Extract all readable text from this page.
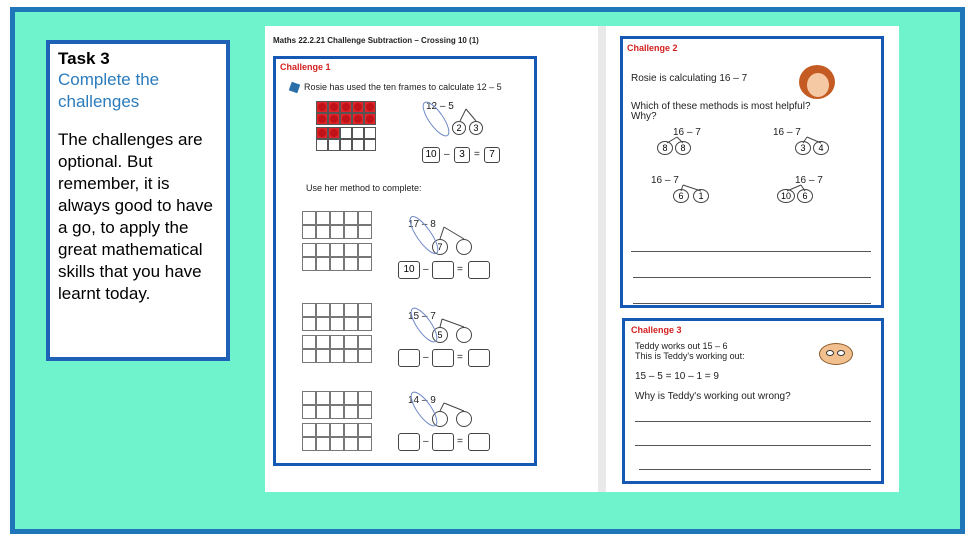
Task 3
Complete the challenges
The challenges are optional. But remember, it is always good to have a go, to apply the great mathematical skills that you have learnt today.
Maths 22.2.21 Challenge Subtraction – Crossing 10 (1)
Challenge 1
Rosie has used the ten frames to calculate 12 – 5
12 – 5
2	3
10 – 3 = 7
Use her method to complete:
17 – 8
7
10 –	=
15 – 7
5
–	=
14 – 9
–	=
Challenge 2
Rosie is calculating 16 – 7
Which of these methods is most helpful?
Why?
16 – 7
8	8
16 – 7
3	4
16 – 7
6	1
16 – 7
10	6
Challenge 3
Teddy works out 15 – 6
This is Teddy's working out:
15 – 5 = 10 – 1 = 9
Why is Teddy's working out wrong?
